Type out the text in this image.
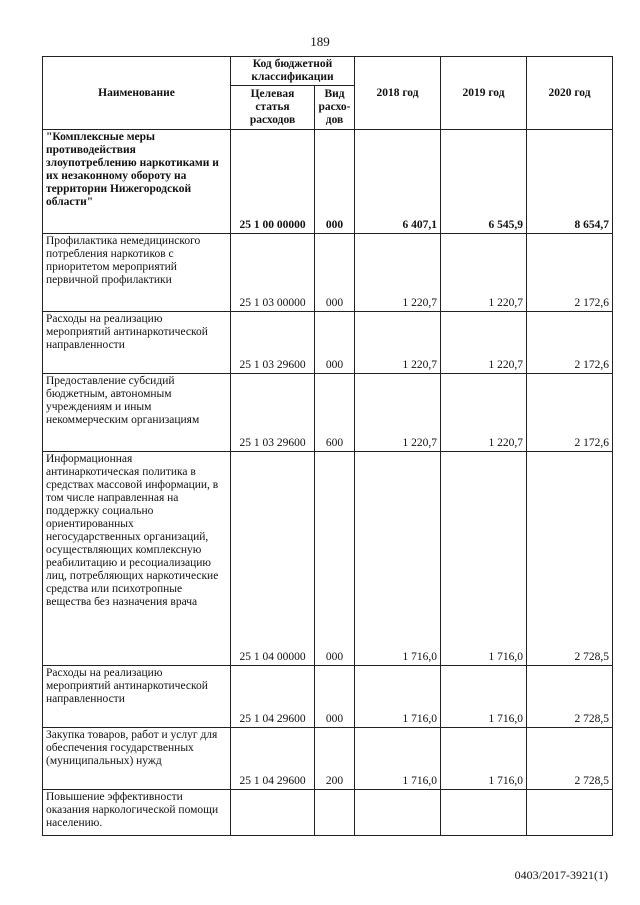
189
Наименование	Код бюджетной классификации		2018 год	2019 год	2020 год
	Целевая статья расходов	Вид расхо-дов			
"Комплексные меры противодействия злоупотреблению наркотиками и их незаконному обороту на территории Нижегородской области"	25 1 00 00000	000	6 407,1	6 545,9	8 654,7
Профилактика немедицинского потребления наркотиков с приоритетом мероприятий первичной профилактики	25 1 03 00000	000	1 220,7	1 220,7	2 172,6
Расходы на реализацию мероприятий антинаркотической направленности	25 1 03 29600	000	1 220,7	1 220,7	2 172,6
Предоставление субсидий бюджетным, автономным учреждениям и иным некоммерческим организациям	25 1 03 29600	600	1 220,7	1 220,7	2 172,6
Информационная антинаркотическая политика в средствах массовой информации, в том числе направленная на поддержку социально ориентированных негосударственных организаций, осуществляющих комплексную реабилитацию и ресоциализацию лиц, потребляющих наркотические средства или психотропные вещества без назначения врача	25 1 04 00000	000	1 716,0	1 716,0	2 728,5
Расходы на реализацию мероприятий антинаркотической направленности	25 1 04 29600	000	1 716,0	1 716,0	2 728,5
Закупка товаров, работ и услуг для обеспечения государственных (муниципальных) нужд	25 1 04 29600	200	1 716,0	1 716,0	2 728,5
Повышение эффективности оказания наркологической помощи населению.					
0403/2017-3921(1)
